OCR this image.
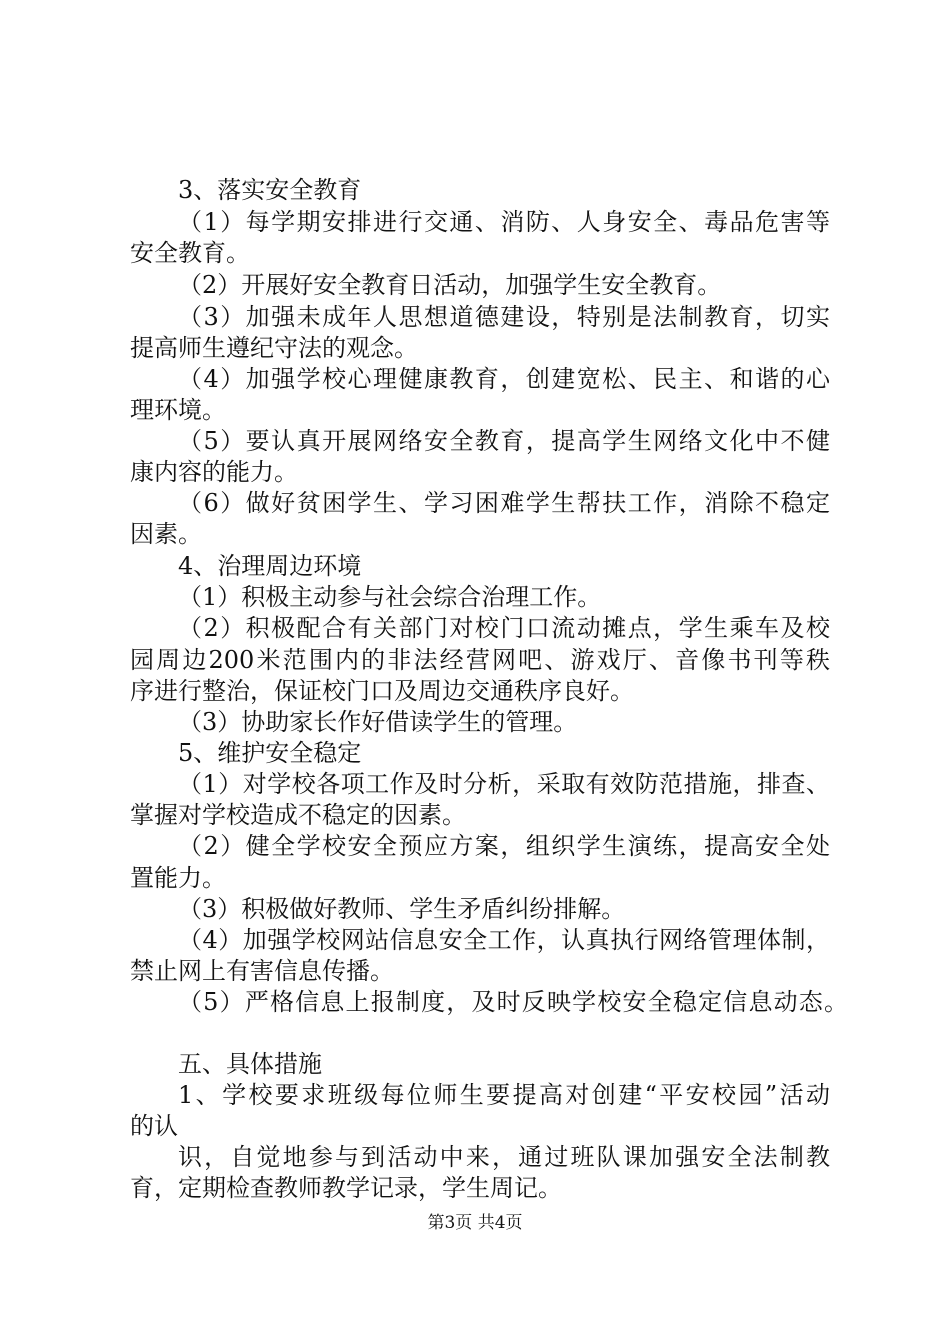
3、落实安全教育
（1）每学期安排进行交通、消防、人身安全、毒品危害等
安全教育。
（2）开展好安全教育日活动，加强学生安全教育。
（3）加强未成年人思想道德建设，特别是法制教育，切实
提高师生遵纪守法的观念。
（4）加强学校心理健康教育，创建宽松、民主、和谐的心
理环境。
（5）要认真开展网络安全教育，提高学生网络文化中不健
康内容的能力。
（6）做好贫困学生、学习困难学生帮扶工作，消除不稳定
因素。
4、治理周边环境
（1）积极主动参与社会综合治理工作。
（2）积极配合有关部门对校门口流动摊点，学生乘车及校
园周边200米范围内的非法经营网吧、游戏厅、音像书刊等秩
序进行整治，保证校门口及周边交通秩序良好。
（3）协助家长作好借读学生的管理。
5、维护安全稳定
（1）对学校各项工作及时分析，采取有效防范措施，排查、
掌握对学校造成不稳定的因素。
（2）健全学校安全预应方案，组织学生演练，提高安全处
置能力。
（3）积极做好教师、学生矛盾纠纷排解。
（4）加强学校网站信息安全工作，认真执行网络管理体制，
禁止网上有害信息传播。
（5）严格信息上报制度，及时反映学校安全稳定信息动态。
五、具体措施
1、学校要求班级每位师生要提高对创建“平安校园”活动
的认
识，自觉地参与到活动中来，通过班队课加强安全法制教
育，定期检查教师教学记录，学生周记。
第3页 共4页
